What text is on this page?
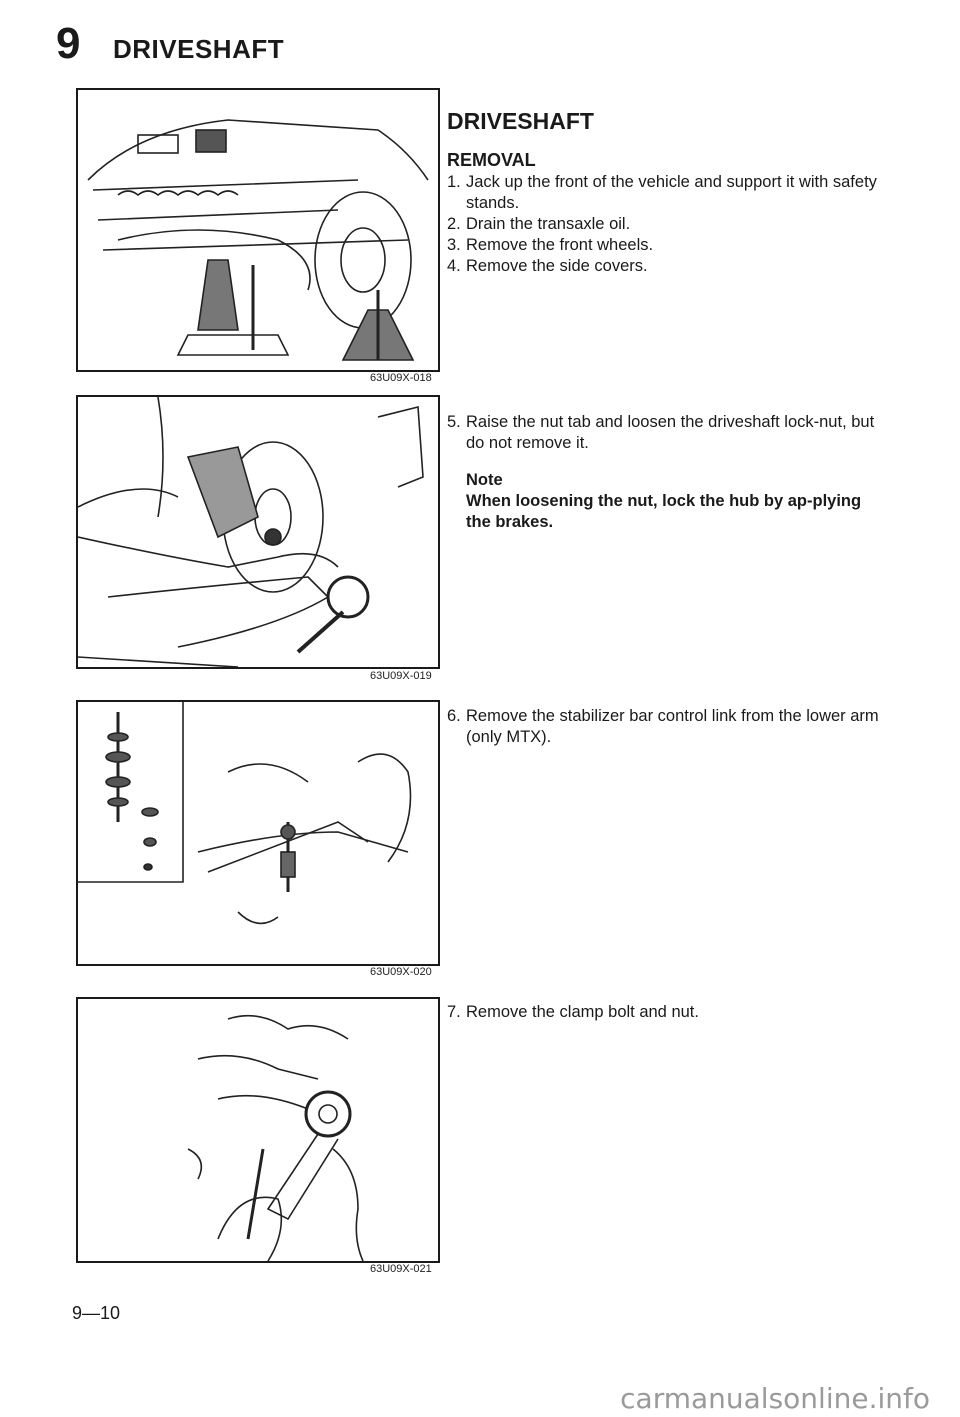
9 DRIVESHAFT
63U09X-018
63U09X-019
63U09X-020
63U09X-021
DRIVESHAFT
REMOVAL
1. Jack up the front of the vehicle and support it with safety stands.
2. Drain the transaxle oil.
3. Remove the front wheels.
4. Remove the side covers.
5. Raise the nut tab and loosen the driveshaft lock-nut, but do not remove it.
Note
When loosening the nut, lock the hub by ap-plying the brakes.
6. Remove the stabilizer bar control link from the lower arm (only MTX).
7. Remove the clamp bolt and nut.
9—10
carmanualsonline.info
